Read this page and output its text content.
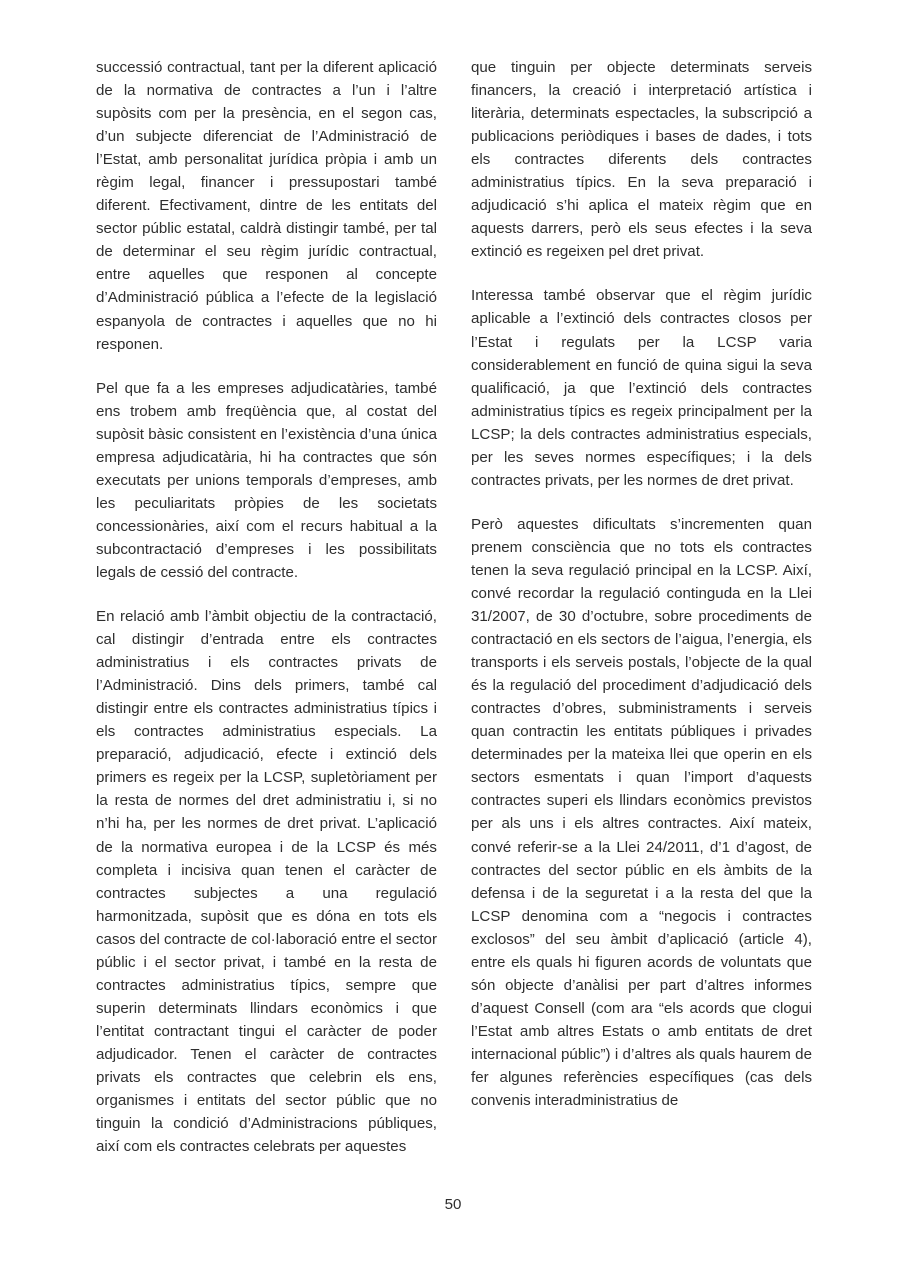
successió contractual, tant per la diferent aplicació de la normativa de contractes a l’un i l’altre supòsits com per la presència, en el segon cas, d’un subjecte diferenciat de l’Administració de l’Estat, amb personalitat jurídica pròpia i amb un règim legal, financer i pressupostari també diferent. Efectivament, dintre de les entitats del sector públic estatal, caldrà distingir també, per tal de determinar el seu règim jurídic contractual, entre aquelles que responen al concepte d’Administració pública a l’efecte de la legislació espanyola de contractes i aquelles que no hi responen.

Pel que fa a les empreses adjudicatàries, també ens trobem amb freqüència que, al costat del supòsit bàsic consistent en l’existència d’una única empresa adjudicatària, hi ha contractes que són executats per unions temporals d’empreses, amb les peculiaritats pròpies de les societats concessionàries, així com el recurs habitual a la subcontractació d’empreses i les possibilitats legals de cessió del contracte.

En relació amb l’àmbit objectiu de la contractació, cal distingir d’entrada entre els contractes administratius i els contractes privats de l’Administració. Dins dels primers, també cal distingir entre els contractes administratius típics i els contractes administratius especials. La preparació, adjudicació, efecte i extinció dels primers es regeix per la LCSP, supletòriament per la resta de normes del dret administratiu i, si no n’hi ha, per les normes de dret privat. L’aplicació de la normativa europea i de la LCSP és més completa i incisiva quan tenen el caràcter de contractes subjectes a una regulació harmonitzada, supòsit que es dóna en tots els casos del contracte de col·laboració entre el sector públic i el sector privat, i també en la resta de contractes administratius típics, sempre que superin determinats llindars econòmics i que l’entitat contractant tingui el caràcter de poder adjudicador. Tenen el caràcter de contractes privats els contractes que celebrin els ens, organismes i entitats del sector públic que no tinguin la condició d’Administracions públiques, així com els contractes celebrats per aquestes

que tinguin per objecte determinats serveis financers, la creació i interpretació artística i literària, determinats espectacles, la subscripció a publicacions periòdiques i bases de dades, i tots els contractes diferents dels contractes administratius típics. En la seva preparació i adjudicació s’hi aplica el mateix règim que en aquests darrers, però els seus efectes i la seva extinció es regeixen pel dret privat.

Interessa també observar que el règim jurídic aplicable a l’extinció dels contractes closos per l’Estat i regulats per la LCSP varia considerablement en funció de quina sigui la seva qualificació, ja que l’extinció dels contractes administratius típics es regeix principalment per la LCSP; la dels contractes administratius especials, per les seves normes específiques; i la dels contractes privats, per les normes de dret privat.

Però aquestes dificultats s’incrementen quan prenem consciència que no tots els contractes tenen la seva regulació principal en la LCSP. Així, convé recordar la regulació continguda en la Llei 31/2007, de 30 d’octubre, sobre procediments de contractació en els sectors de l’aigua, l’energia, els transports i els serveis postals, l’objecte de la qual és la regulació del procediment d’adjudicació dels contractes d’obres, subministraments i serveis quan contractin les entitats públiques i privades determinades per la mateixa llei que operin en els sectors esmentats i quan l’import d’aquests contractes superi els llindars econòmics previstos per als uns i els altres contractes. Així mateix, convé referir-se a la Llei 24/2011, d’1 d’agost, de contractes del sector públic en els àmbits de la defensa i de la seguretat i a la resta del que la LCSP denomina com a “negocis i contractes exclosos” del seu àmbit d’aplicació (article 4), entre els quals hi figuren acords de voluntats que són objecte d’anàlisi per part d’altres informes d’aquest Consell (com ara “els acords que clogui l’Estat amb altres Estats o amb entitats de dret internacional públic”) i d’altres als quals haurem de fer algunes referències específiques (cas dels convenis interadministratius de

50
